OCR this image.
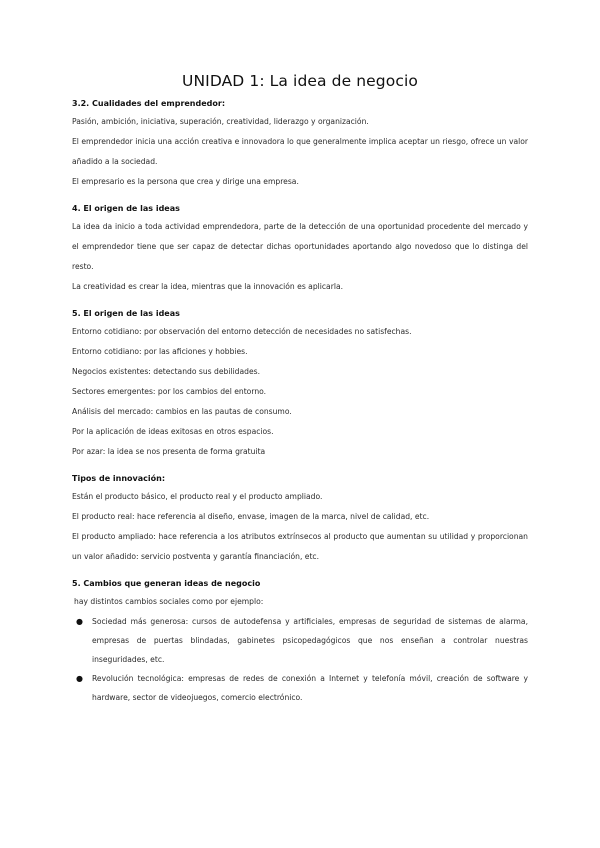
UNIDAD 1: La idea de negocio
3.2. Cualidades del emprendedor:

Pasión, ambición, iniciativa, superación, creatividad, liderazgo y organización.

El emprendedor inicia una acción creativa e innovadora lo que generalmente implica aceptar un riesgo, ofrece un valor añadido a la sociedad.

El empresario es la persona que crea y dirige una empresa.

4. El origen de las ideas

La idea da inicio a toda actividad emprendedora, parte de la detección de una oportunidad procedente del mercado y el emprendedor tiene que ser capaz de detectar dichas oportunidades aportando algo novedoso que lo distinga del resto.

La creatividad es crear la idea, mientras que la innovación es aplicarla.

5. El origen de las ideas

Entorno cotidiano: por observación del entorno detección de necesidades no satisfechas.

Entorno cotidiano: por las aficiones y hobbies.

Negocios existentes: detectando sus debilidades.

Sectores emergentes: por los cambios del entorno.

Análisis del mercado: cambios en las pautas de consumo.

Por la aplicación de ideas exitosas en otros espacios.

Por azar: la idea se nos presenta de forma gratuita

Tipos de innovación:

Están el producto básico, el producto real y el producto ampliado.

El producto real: hace referencia al diseño, envase, imagen de la marca, nivel de calidad, etc.

El producto ampliado: hace referencia a los atributos extrínsecos al producto que aumentan su utilidad y proporcionan un valor añadido: servicio postventa y garantía financiación, etc.

5. Cambios que generan ideas de negocio

hay distintos cambios sociales como por ejemplo:

● Sociedad más generosa: cursos de autodefensa y artificiales, empresas de seguridad de sistemas de alarma, empresas de puertas blindadas, gabinetes psicopedagógicos que nos enseñan a controlar nuestras inseguridades, etc.
● Revolución tecnológica: empresas de redes de conexión a Internet y telefonía móvil, creación de software y hardware, sector de videojuegos, comercio electrónico.
